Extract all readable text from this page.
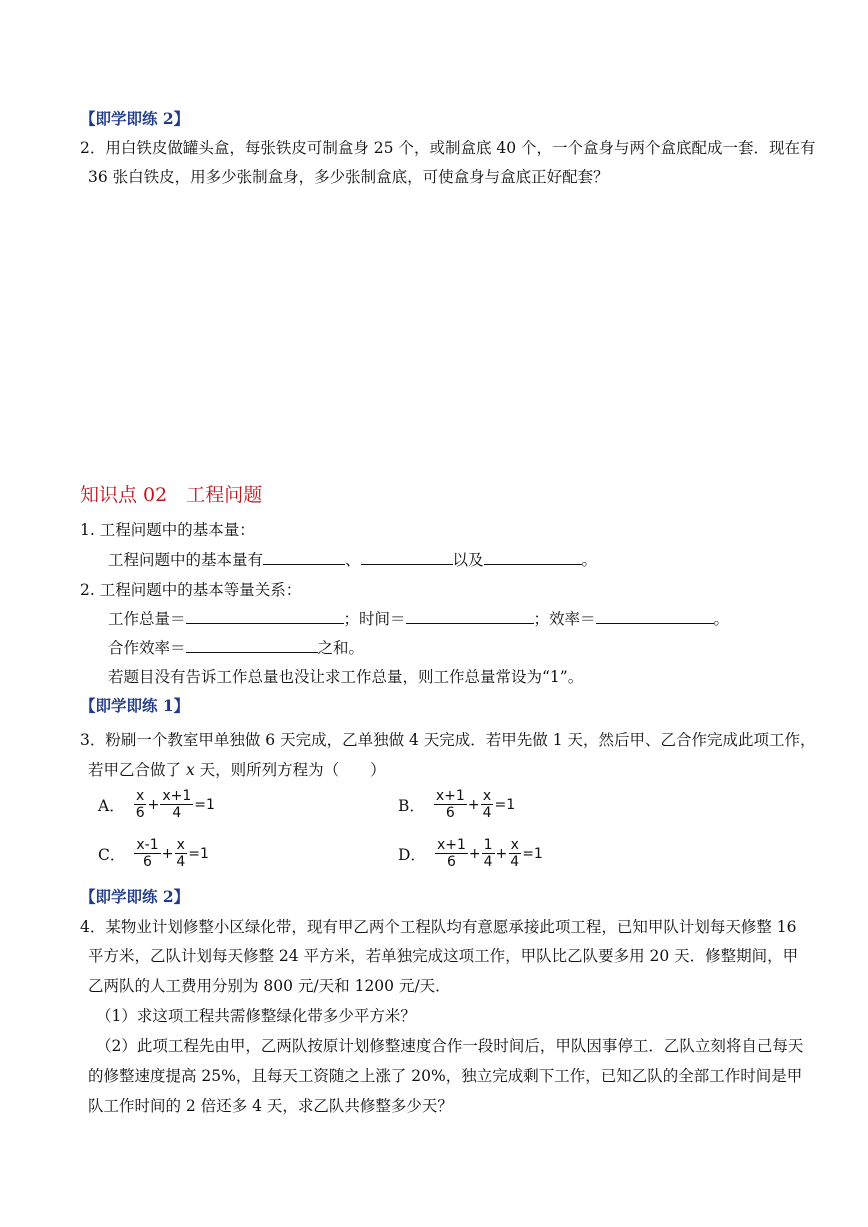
【即学即练 2】
2．用白铁皮做罐头盒，每张铁皮可制盒身 25 个，或制盒底 40 个，一个盒身与两个盒底配成一套．现在有
36 张白铁皮，用多少张制盒身，多少张制盒底，可使盒身与盒底正好配套？
知识点 02　工程问题
1. 工程问题中的基本量：
工程问题中的基本量有	、	以及	。
2. 工程问题中的基本等量关系：
工作总量＝	；时间＝	；效率＝	。
合作效率＝	之和。
若题目没有告诉工作总量也没让求工作总量，则工作总量常设为“1”。
【即学即练 1】
3．粉刷一个教室甲单独做 6 天完成，乙单独做 4 天完成．若甲先做 1 天，然后甲、乙合作完成此项工作，
若甲乙合做了 x 天，则所列方程为（　　）
A． $\frac{x}{6} + \frac{x+1}{4} =1$	B． $\frac{x+1}{6} + \frac{x}{4} =1$
C． $\frac{x-1}{6} + \frac{x}{4} =1$	D． $\frac{x+1}{6} + \frac{1}{4} + \frac{x}{4} =1$
【即学即练 2】
4．某物业计划修整小区绿化带，现有甲乙两个工程队均有意愿承接此项工程，已知甲队计划每天修整 16
平方米，乙队计划每天修整 24 平方米，若单独完成这项工作，甲队比乙队要多用 20 天．修整期间，甲
乙两队的人工费用分别为 800 元/天和 1200 元/天．
（1）求这项工程共需修整绿化带多少平方米？
（2）此项工程先由甲，乙两队按原计划修整速度合作一段时间后，甲队因事停工．乙队立刻将自己每天
的修整速度提高 25%，且每天工资随之上涨了 20%，独立完成剩下工作，已知乙队的全部工作时间是甲
队工作时间的 2 倍还多 4 天，求乙队共修整多少天？
